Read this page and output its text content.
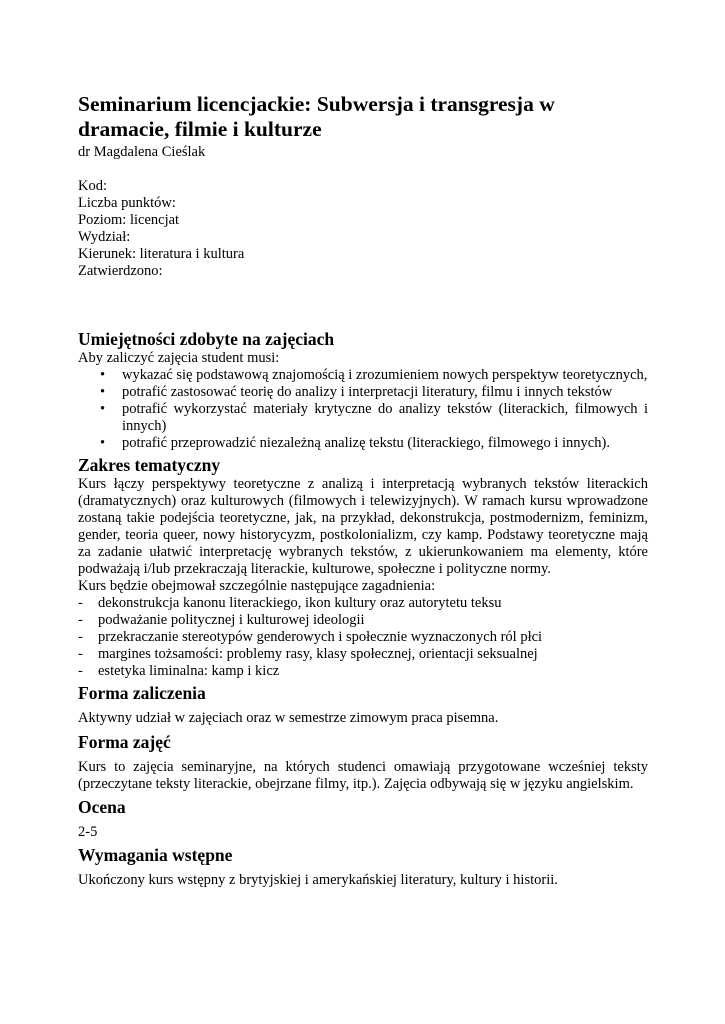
Seminarium licencjackie: Subwersja i transgresja w dramacie, filmie i kulturze
dr Magdalena Cieślak
Kod:
Liczba punktów:
Poziom: licencjat
Wydział:
Kierunek: literatura i kultura
Zatwierdzono:
Umiejętności zdobyte na zajęciach

Aby zaliczyć zajęcia student musi:

• wykazać się podstawową znajomością i zrozumieniem nowych perspektyw teoretycznych,
• potrafić zastosować teorię do analizy i interpretacji literatury, filmu i innych tekstów
• potrafić wykorzystać materiały krytyczne do analizy tekstów (literackich, filmowych i innych)
• potrafić przeprowadzić niezależną analizę tekstu (literackiego, filmowego i innych).
Zakres tematyczny

Kurs łączy perspektywy teoretyczne z analizą i interpretacją wybranych tekstów literackich (dramatycznych) oraz kulturowych (filmowych i telewizyjnych). W ramach kursu wprowadzone zostaną takie podejścia teoretyczne, jak, na przykład, dekonstrukcja, postmodernizm, feminizm, gender, teoria queer, nowy historycyzm, postkolonializm, czy kamp. Podstawy teoretyczne mają za zadanie ułatwić interpretację wybranych tekstów, z ukierunkowaniem ma elementy, które podważają i/lub przekraczają literackie, kulturowe, społeczne i polityczne normy.

Kurs będzie obejmował szczególnie następujące zagadnienia:

- dekonstrukcja kanonu literackiego, ikon kultury oraz autorytetu teksu
- podważanie politycznej i kulturowej ideologii
- przekraczanie stereotypów genderowych i społecznie wyznaczonych ról płci
- margines tożsamości: problemy rasy, klasy społecznej, orientacji seksualnej
- estetyka liminalna: kamp i kicz
Forma zaliczenia

Aktywny udział w zajęciach oraz w semestrze zimowym praca pisemna.

Forma zajęć

Kurs to zajęcia seminaryjne, na których studenci omawiają przygotowane wcześniej teksty (przeczytane teksty literackie, obejrzane filmy, itp.). Zajęcia odbywają się w języku angielskim.

Ocena

2-5

Wymagania wstępne

Ukończony kurs wstępny z brytyjskiej i amerykańskiej literatury, kultury i historii.
